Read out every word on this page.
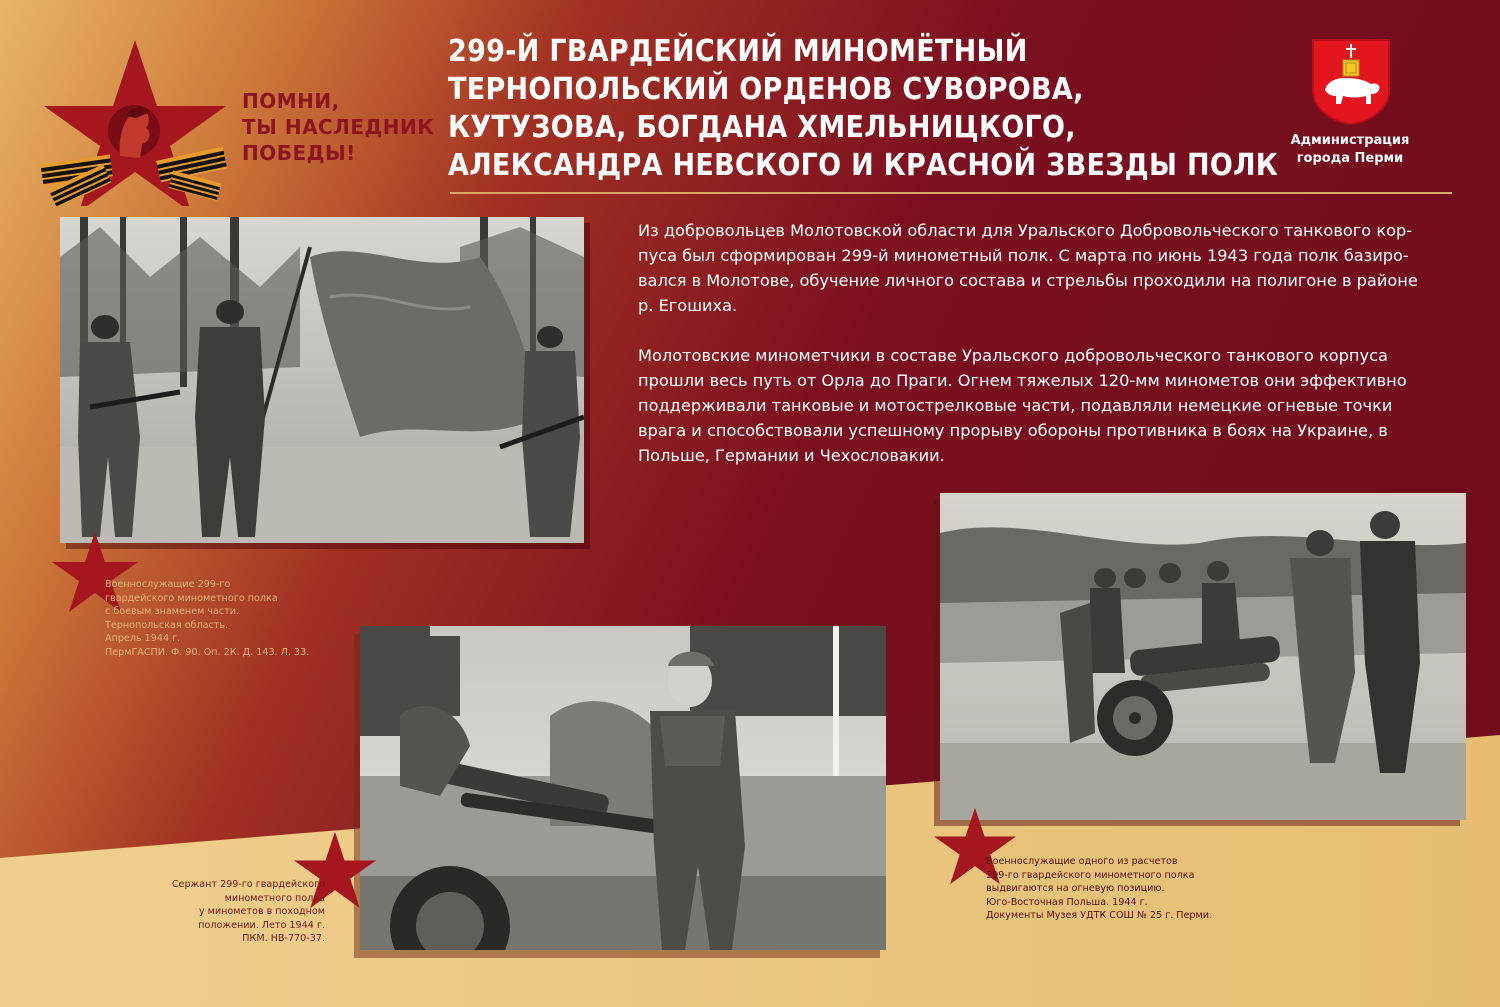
ПОМНИ,
ТЫ НАСЛЕДНИК
ПОБЕДЫ!
299-Й ГВАРДЕЙСКИЙ МИНОМЁТНЫЙ
ТЕРНОПОЛЬСКИЙ ОРДЕНОВ СУВОРОВА,
КУТУЗОВА, БОГДАНА ХМЕЛЬНИЦКОГО,
АЛЕКСАНДРА НЕВСКОГО И КРАСНОЙ ЗВЕЗДЫ ПОЛК
Администрация
города Перми
Из добровольцев Молотовской области для Уральского Добровольческого танкового кор-
пуса был сформирован 299-й минометный полк. С марта по июнь 1943 года полк базиро-
вался в Молотове, обучение личного состава и стрельбы проходили на полигоне в районе
р. Егошиха.
Молотовские минометчики в составе Уральского добровольческого танкового корпуса
прошли весь путь от Орла до Праги. Огнем тяжелых 120-мм минометов они эффективно
поддерживали танковые и мотострелковые части, подавляли немецкие огневые точки
врага и способствовали успешному прорыву обороны противника в боях на Украине, в
Польше, Германии и Чехословакии.
Военнослужащие 299-го
гвардейского минометного полка
с боевым знаменем части.
Тернопольская область.
Апрель 1944 г.
ПермГАСПИ. Ф. 90. Оп. 2К. Д. 143. Л. 33.
Сержант 299-го гвардейского
минометного полка
у минометов в походном
положении. Лето 1944 г.
ПКМ. НВ-770-37.
Военнослужащие одного из расчетов
299-го гвардейского минометного полка
выдвигаются на огневую позицию.
Юго-Восточная Польша. 1944 г.
Документы Музея УДТК СОШ № 25 г. Перми.
